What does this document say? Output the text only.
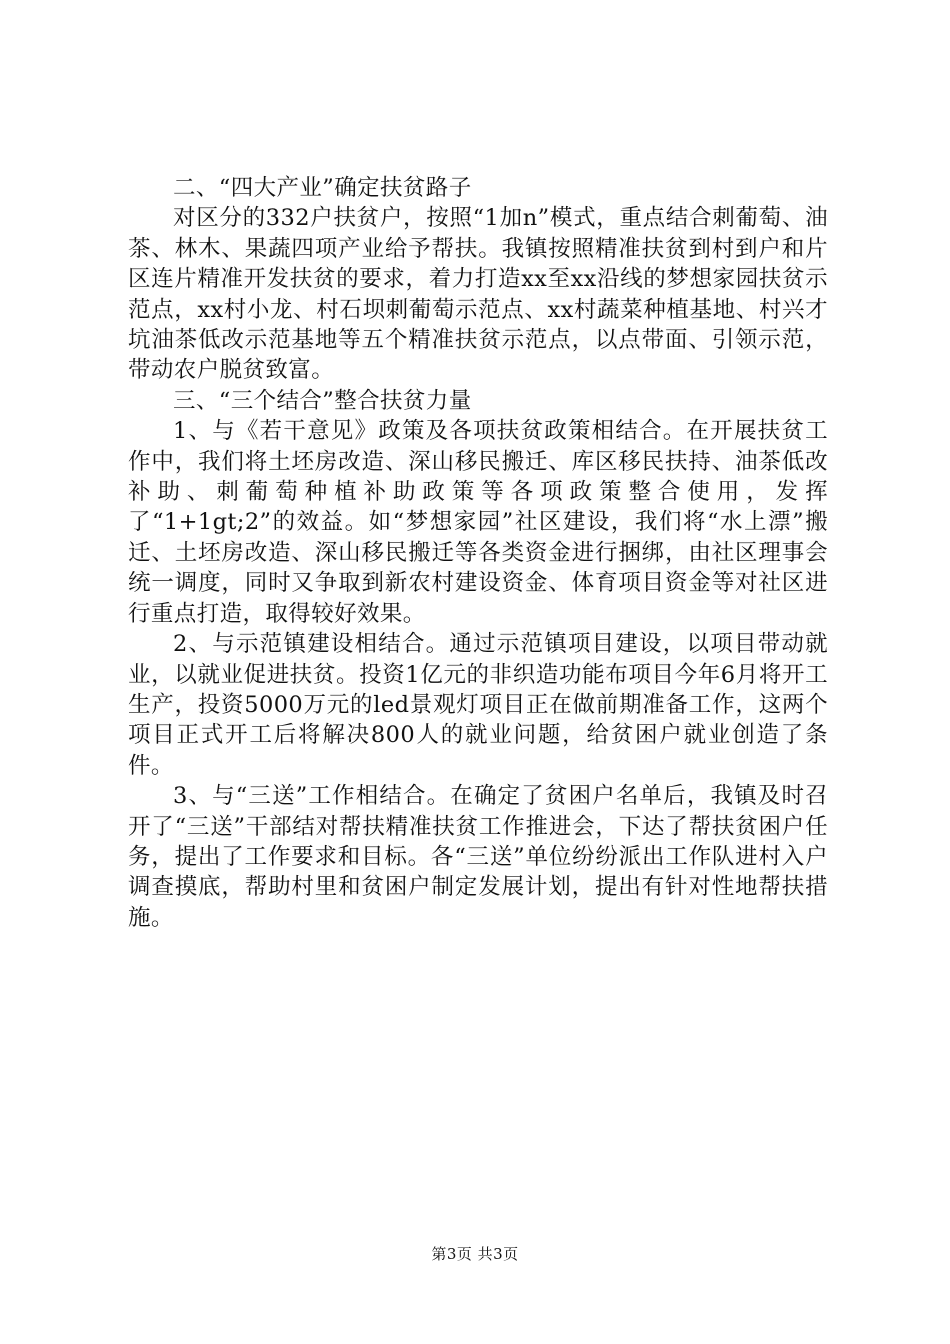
二、“四大产业”确定扶贫路子

对区分的332户扶贫户，按照“1加n”模式，重点结合刺葡萄、油茶、林木、果蔬四项产业给予帮扶。我镇按照精准扶贫到村到户和片区连片精准开发扶贫的要求，着力打造xx至xx沿线的梦想家园扶贫示范点，xx村小龙、村石坝刺葡萄示范点、xx村蔬菜种植基地、村兴才坑油茶低改示范基地等五个精准扶贫示范点，以点带面、引领示范，带动农户脱贫致富。

三、“三个结合”整合扶贫力量

1、与《若干意见》政策及各项扶贫政策相结合。在开展扶贫工作中，我们将土坯房改造、深山移民搬迁、库区移民扶持、油茶低改补助、刺葡萄种植补助政策等各项政策整合使用，发挥了“1+1gt;2”的效益。如“梦想家园”社区建设，我们将“水上漂”搬迁、土坯房改造、深山移民搬迁等各类资金进行捆绑，由社区理事会统一调度，同时又争取到新农村建设资金、体育项目资金等对社区进行重点打造，取得较好效果。

2、与示范镇建设相结合。通过示范镇项目建设，以项目带动就业，以就业促进扶贫。投资1亿元的非织造功能布项目今年6月将开工生产，投资5000万元的led景观灯项目正在做前期准备工作，这两个项目正式开工后将解决800人的就业问题，给贫困户就业创造了条件。

3、与“三送”工作相结合。在确定了贫困户名单后，我镇及时召开了“三送”干部结对帮扶精准扶贫工作推进会，下达了帮扶贫困户任务，提出了工作要求和目标。各“三送”单位纷纷派出工作队进村入户调查摸底，帮助村里和贫困户制定发展计划，提出有针对性地帮扶措施。

第3页 共3页
